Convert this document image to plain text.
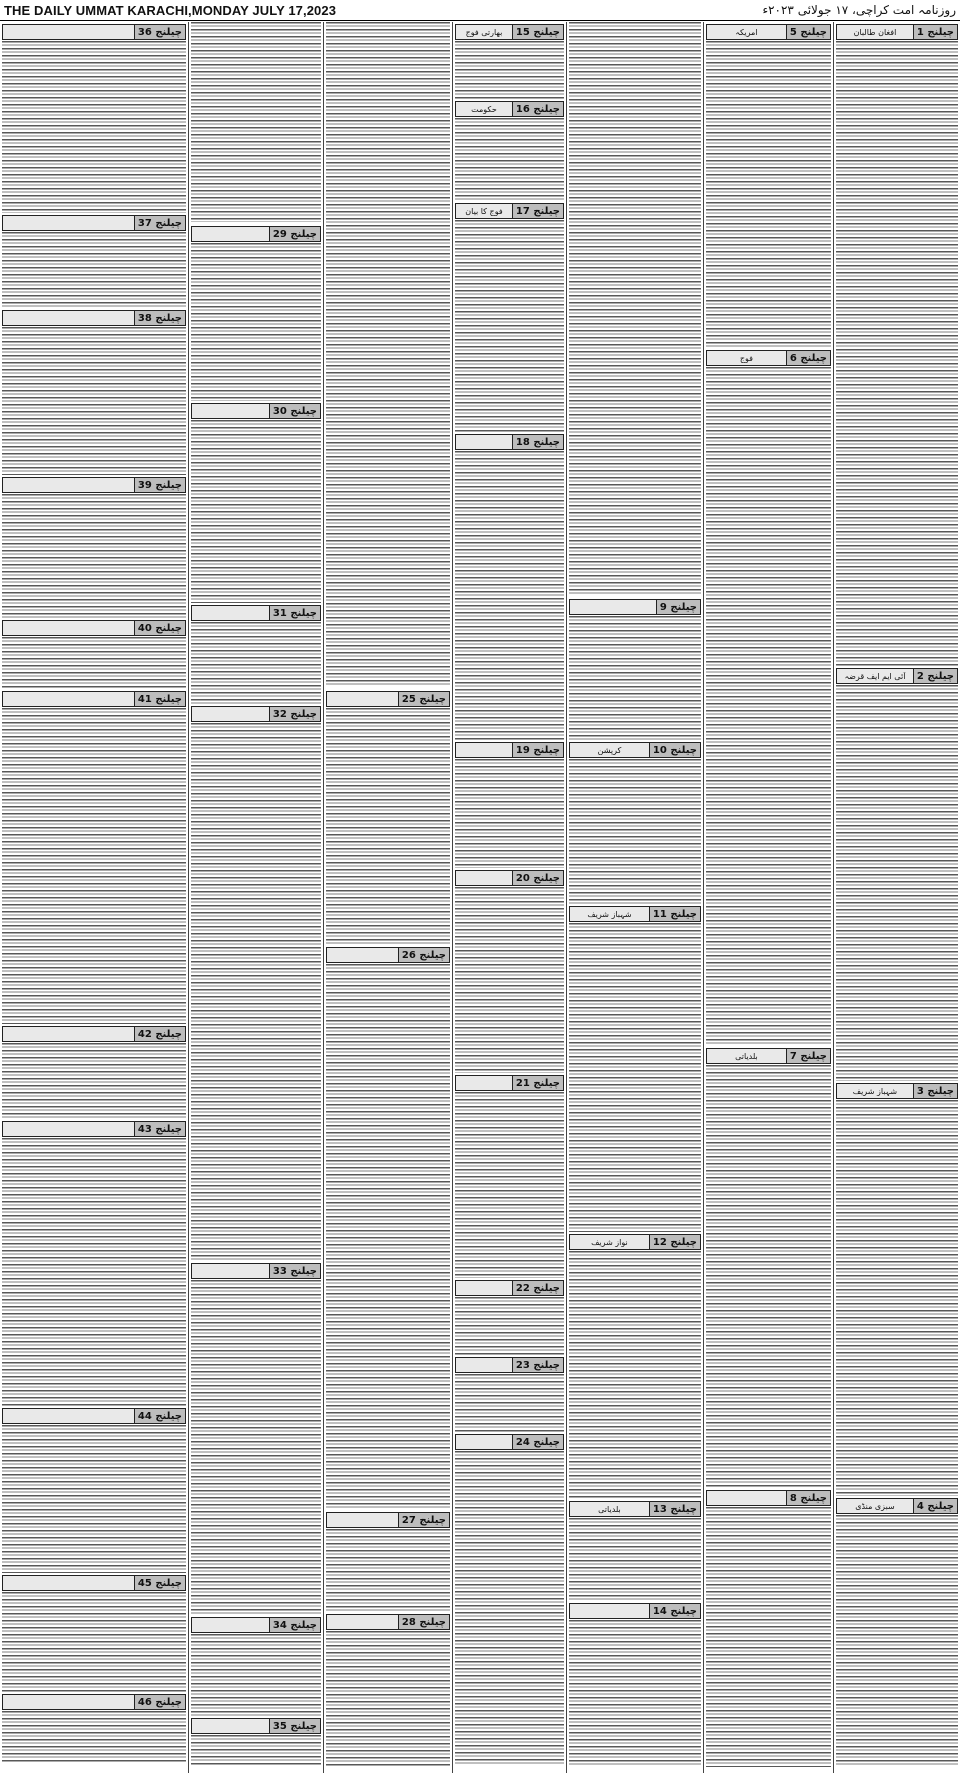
THE DAILY UMMAT KARACHI,MONDAY JULY 17,2023	روزنامہ امت کراچی، ۱۷ جولائی ۲۰۲۳ء
افغان طالبان	چیلنج 1
آئی ایم ایف قرضہ	چیلنج 2
شہباز شریف	چیلنج 3
سبزی منڈی	چیلنج 4
امریکہ	چیلنج 5
فوج	چیلنج 6
بلدیاتی	چیلنج 7
چیلنج 8
چیلنج 9
کرپشن	چیلنج 10
شہباز شریف	چیلنج 11
نواز شریف	چیلنج 12
بلدیاتی	چیلنج 13
چیلنج 14
بھارتی فوج	چیلنج 15
حکومت	چیلنج 16
فوج کا بیان	چیلنج 17
چیلنج 18
چیلنج 19
چیلنج 20
چیلنج 21
چیلنج 22
چیلنج 23
چیلنج 24
چیلنج 25
چیلنج 26
چیلنج 27
چیلنج 28
چیلنج 29
چیلنج 30
چیلنج 31
چیلنج 32
چیلنج 33
چیلنج 34
چیلنج 35
چیلنج 36
چیلنج 37
چیلنج 38
چیلنج 39
چیلنج 40
چیلنج 41
چیلنج 42
چیلنج 43
چیلنج 44
چیلنج 45
چیلنج 46
